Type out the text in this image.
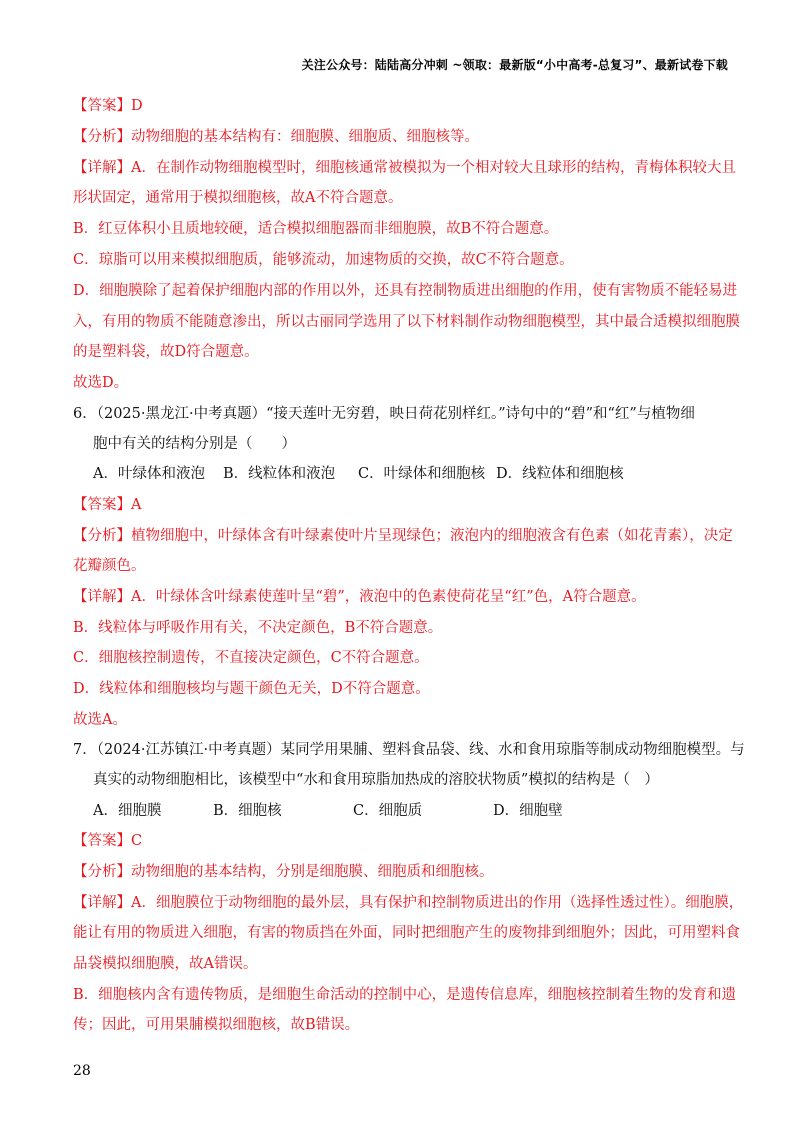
关注公众号：陆陆高分冲刺 ~领取：最新版“小中高考-总复习”、最新试卷下载
【答案】D
【分析】动物细胞的基本结构有：细胞膜、细胞质、细胞核等。
【详解】A．在制作动物细胞模型时，细胞核通常被模拟为一个相对较大且球形的结构，青梅体积较大且
形状固定，通常用于模拟细胞核，故A不符合题意。
B．红豆体积小且质地较硬，适合模拟细胞器而非细胞膜，故B不符合题意。
C．琼脂可以用来模拟细胞质，能够流动，加速物质的交换，故C不符合题意。
D．细胞膜除了起着保护细胞内部的作用以外，还具有控制物质进出细胞的作用，使有害物质不能轻易进
入，有用的物质不能随意渗出，所以古丽同学选用了以下材料制作动物细胞模型，其中最合适模拟细胞膜
的是塑料袋，故D符合题意。
故选D。
6．（2025·黑龙江·中考真题）“接天莲叶无穷碧，映日荷花别样红。”诗句中的“碧”和“红”与植物细
胞中有关的结构分别是（　　）
A．叶绿体和液泡	B．线粒体和液泡	C．叶绿体和细胞核 D．线粒体和细胞核
【答案】A
【分析】植物细胞中，叶绿体含有叶绿素使叶片呈现绿色；液泡内的细胞液含有色素（如花青素），决定
花瓣颜色。
【详解】A．叶绿体含叶绿素使莲叶呈“碧”，液泡中的色素使荷花呈“红”色，A符合题意。
B．线粒体与呼吸作用有关，不决定颜色，B不符合题意。
C．细胞核控制遗传，不直接决定颜色，C不符合题意。
D．线粒体和细胞核均与题干颜色无关，D不符合题意。
故选A。
7．（2024·江苏镇江·中考真题）某同学用果脯、塑料食品袋、线、水和食用琼脂等制成动物细胞模型。与
真实的动物细胞相比，该模型中“水和食用琼脂加热成的溶胶状物质”模拟的结构是（　）
A．细胞膜	B．细胞核	C．细胞质	D．细胞壁
【答案】C
【分析】动物细胞的基本结构，分别是细胞膜、细胞质和细胞核。
【详解】A．细胞膜位于动物细胞的最外层，具有保护和控制物质进出的作用（选择性透过性）。细胞膜，
能让有用的物质进入细胞，有害的物质挡在外面，同时把细胞产生的废物排到细胞外；因此，可用塑料食
品袋模拟细胞膜，故A错误。
B．细胞核内含有遗传物质，是细胞生命活动的控制中心，是遗传信息库，细胞核控制着生物的发育和遗
传；因此，可用果脯模拟细胞核，故B错误。
28
